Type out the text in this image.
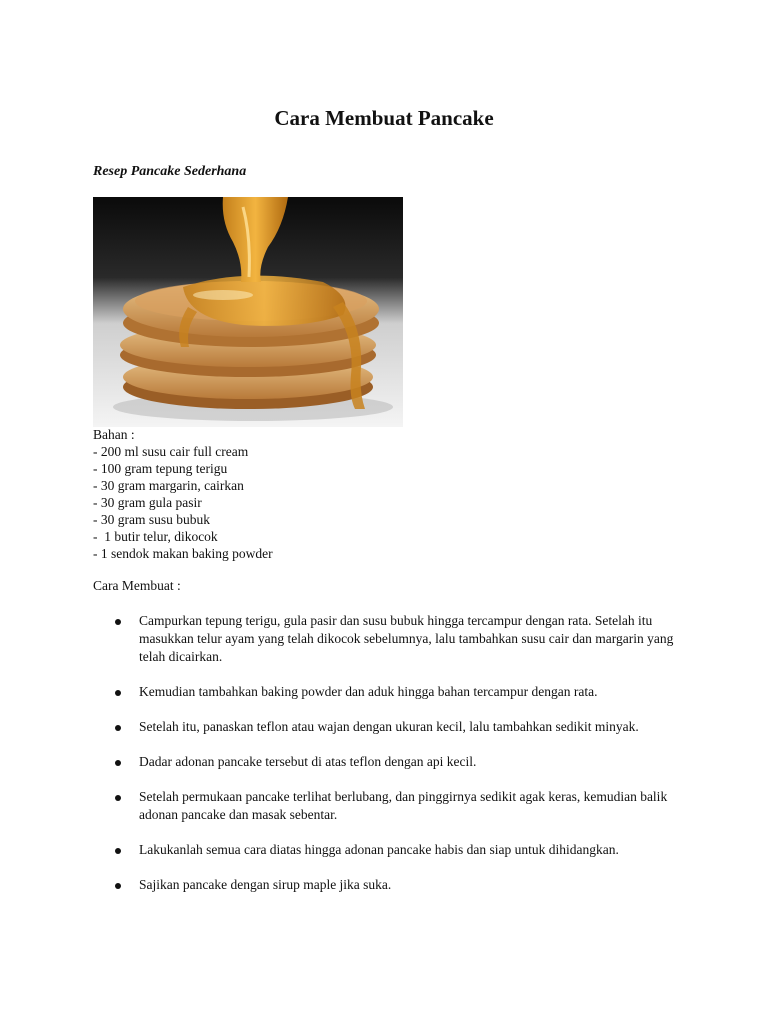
Cara Membuat Pancake

Resep Pancake Sederhana

Bahan :
- 200 ml susu cair full cream
- 100 gram tepung terigu
- 30 gram margarin, cairkan
- 30 gram gula pasir
- 30 gram susu bubuk
-  1 butir telur, dikocok
- 1 sendok makan baking powder

Cara Membuat :

Campurkan tepung terigu, gula pasir dan susu bubuk hingga tercampur dengan rata. Setelah itu masukkan telur ayam yang telah dikocok sebelumnya, lalu tambahkan susu cair dan margarin yang telah dicairkan.
Kemudian tambahkan baking powder dan aduk hingga bahan tercampur dengan rata.
Setelah itu, panaskan teflon atau wajan dengan ukuran kecil, lalu tambahkan sedikit minyak.
Dadar adonan pancake tersebut di atas teflon dengan api kecil.
Setelah permukaan pancake terlihat berlubang, dan pinggirnya sedikit agak keras, kemudian balik adonan pancake dan masak sebentar.
Lakukanlah semua cara diatas hingga adonan pancake habis dan siap untuk dihidangkan.
Sajikan pancake dengan sirup maple jika suka.
